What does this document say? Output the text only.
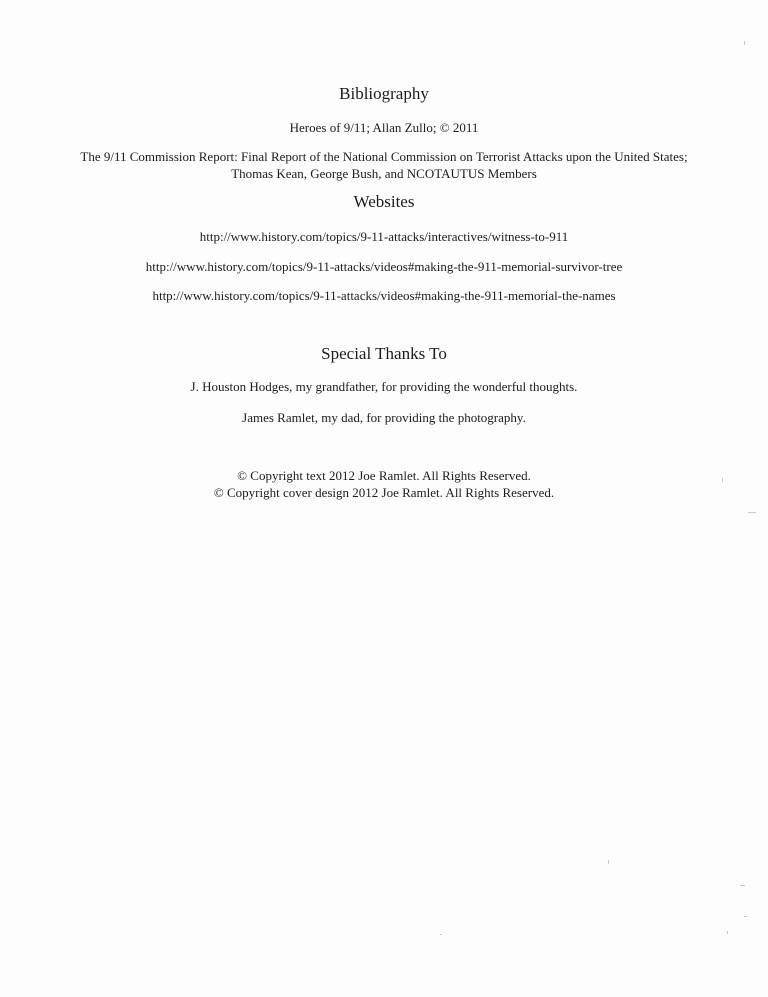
Bibliography

Heroes of 9/11; Allan Zullo; © 2011

The 9/11 Commission Report: Final Report of the National Commission on Terrorist Attacks upon the United States; Thomas Kean, George Bush, and NCOTAUTUS Members

Websites

http://www.history.com/topics/9-11-attacks/interactives/witness-to-911

http://www.history.com/topics/9-11-attacks/videos#making-the-911-memorial-survivor-tree

http://www.history.com/topics/9-11-attacks/videos#making-the-911-memorial-the-names

Special Thanks To

J. Houston Hodges, my grandfather, for providing the wonderful thoughts.

James Ramlet, my dad, for providing the photography.

© Copyright text 2012 Joe Ramlet. All Rights Reserved.

© Copyright cover design 2012 Joe Ramlet. All Rights Reserved.
